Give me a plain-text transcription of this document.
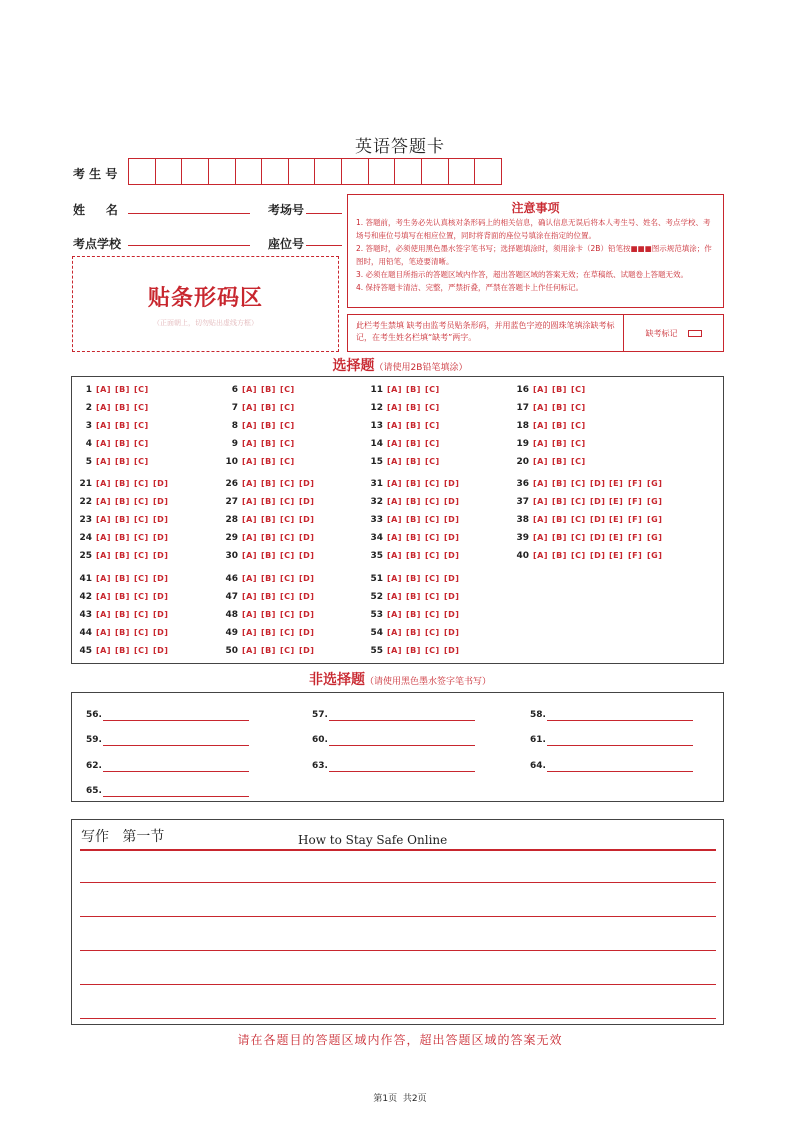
英语答题卡
考 生 号
姓     名	考场号
考点学校	座位号
注意事项

1. 答题前，考生务必先认真核对条形码上的相关信息，确认信息无误后将本人考生号、姓名、考点学校、考场号和座位号填写在相应位置，同时将背面的座位号填涂在指定的位置。

2. 答题时，必须使用黑色墨水签字笔书写；选择题填涂时，须用涂卡（2B）铅笔按■■■图示规范填涂；作图时，用铅笔，笔迹要清晰。

3. 必须在题目所指示的答题区域内作答，超出答题区域的答案无效；在草稿纸、试题卷上答题无效。

4. 保持答题卡清洁、完整，严禁折叠，严禁在答题卡上作任何标记。

贴条形码区
（正面朝上，切勿贴出虚线方框）	此栏考生禁填 缺考由监考员贴条形码，并用蓝色字迹的圆珠笔填涂缺考标记，在考生姓名栏填“缺考”两字。	缺考标记
选择题（请使用2B铅笔填涂）
1 [A] [B] [C]
2 [A] [B] [C]
3 [A] [B] [C]
4 [A] [B] [C]
5 [A] [B] [C]
6 [A] [B] [C]
7 [A] [B] [C]
8 [A] [B] [C]
9 [A] [B] [C]
10 [A] [B] [C]
11 [A] [B] [C]
12 [A] [B] [C]
13 [A] [B] [C]
14 [A] [B] [C]
15 [A] [B] [C]
16 [A] [B] [C]
17 [A] [B] [C]
18 [A] [B] [C]
19 [A] [B] [C]
20 [A] [B] [C]
21 [A] [B] [C] [D]
22 [A] [B] [C] [D]
23 [A] [B] [C] [D]
24 [A] [B] [C] [D]
25 [A] [B] [C] [D]
26 [A] [B] [C] [D]
27 [A] [B] [C] [D]
28 [A] [B] [C] [D]
29 [A] [B] [C] [D]
30 [A] [B] [C] [D]
31 [A] [B] [C] [D]
32 [A] [B] [C] [D]
33 [A] [B] [C] [D]
34 [A] [B] [C] [D]
35 [A] [B] [C] [D]
36 [A] [B] [C] [D] [E] [F] [G]
37 [A] [B] [C] [D] [E] [F] [G]
38 [A] [B] [C] [D] [E] [F] [G]
39 [A] [B] [C] [D] [E] [F] [G]
40 [A] [B] [C] [D] [E] [F] [G]
41 [A] [B] [C] [D]
42 [A] [B] [C] [D]
43 [A] [B] [C] [D]
44 [A] [B] [C] [D]
45 [A] [B] [C] [D]
46 [A] [B] [C] [D]
47 [A] [B] [C] [D]
48 [A] [B] [C] [D]
49 [A] [B] [C] [D]
50 [A] [B] [C] [D]
51 [A] [B] [C] [D]
52 [A] [B] [C] [D]
53 [A] [B] [C] [D]
54 [A] [B] [C] [D]
55 [A] [B] [C] [D]
非选择题（请使用黑色墨水签字笔书写）
56.	57.	58.
59.	60.	61.
62.	63.	64.
65.
写作   第一节	How to Stay Safe Online
请在各题目的答题区域内作答，超出答题区域的答案无效
第1页  共2页
